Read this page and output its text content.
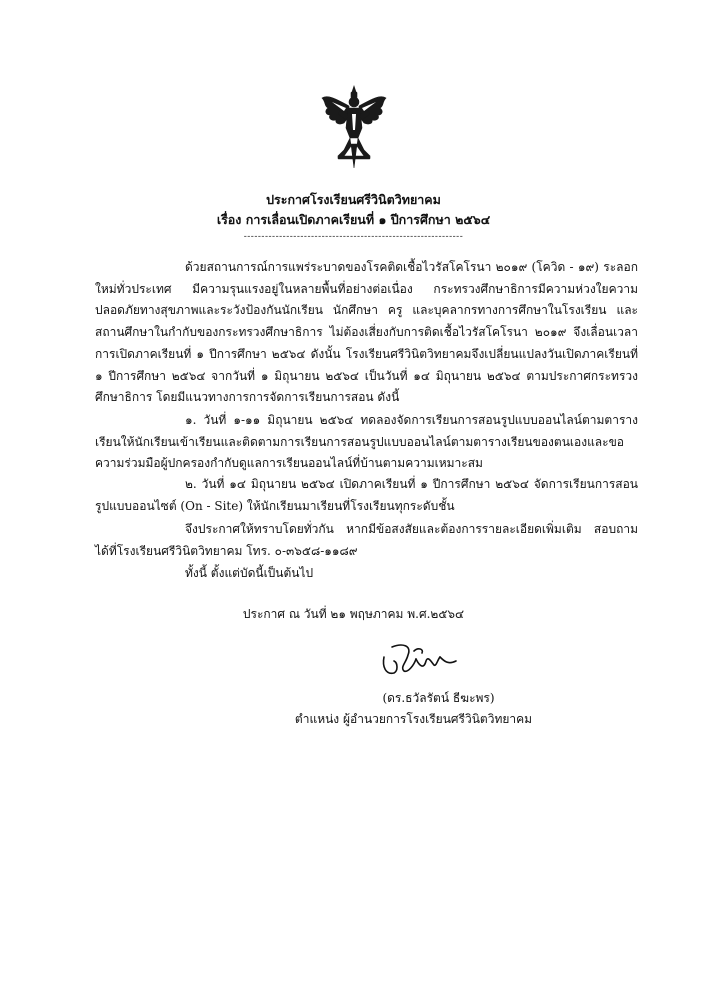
ประกาศโรงเรียนศรีวินิตวิทยาคม
เรื่อง การเลื่อนเปิดภาคเรียนที่ ๑ ปีการศึกษา ๒๕๖๔
--------------------------------------------------------------
ด้วยสถานการณ์การแพร่ระบาดของโรคติดเชื้อไวรัสโคโรนา ๒๐๑๙ (โควิด - ๑๙) ระลอกใหม่ทั่วประเทศ มีความรุนแรงอยู่ในหลายพื้นที่อย่างต่อเนื่อง กระทรวงศึกษาธิการมีความห่วงใยความปลอดภัยทางสุขภาพและระวังป้องกันนักเรียน นักศึกษา ครู และบุคลากรทางการศึกษาในโรงเรียน และสถานศึกษาในกำกับของกระทรวงศึกษาธิการ ไม่ต้องเสี่ยงกับการติดเชื้อไวรัสโคโรนา ๒๐๑๙ จึงเลื่อนเวลาการเปิดภาคเรียนที่ ๑ ปีการศึกษา ๒๕๖๔ ดังนั้น โรงเรียนศรีวินิตวิทยาคมจึงเปลี่ยนแปลงวันเปิดภาคเรียนที่ ๑ ปีการศึกษา ๒๕๖๔ จากวันที่ ๑ มิถุนายน ๒๕๖๔ เป็นวันที่ ๑๔ มิถุนายน ๒๕๖๔ ตามประกาศกระทรวงศึกษาธิการ โดยมีแนวทางการการจัดการเรียนการสอน ดังนี้
๑. วันที่ ๑-๑๑ มิถุนายน ๒๕๖๔ ทดลองจัดการเรียนการสอนรูปแบบออนไลน์ตามตารางเรียนให้นักเรียนเข้าเรียนและติดตามการเรียนการสอนรูปแบบออนไลน์ตามตารางเรียนของตนเองและขอความร่วมมือผู้ปกครองกำกับดูแลการเรียนออนไลน์ที่บ้านตามความเหมาะสม
๒. วันที่ ๑๔ มิถุนายน ๒๕๖๔ เปิดภาคเรียนที่ ๑ ปีการศึกษา ๒๕๖๔ จัดการเรียนการสอนรูปแบบออนไซต์ (On - Site) ให้นักเรียนมาเรียนที่โรงเรียนทุกระดับชั้น
จึงประกาศให้ทราบโดยทั่วกัน หากมีข้อสงสัยและต้องการรายละเอียดเพิ่มเติม สอบถามได้ที่โรงเรียนศรีวินิตวิทยาคม โทร. ๐-๓๖๕๘-๑๑๘๙
ทั้งนี้ ตั้งแต่บัดนี้เป็นต้นไป
ประกาศ ณ วันที่ ๒๑ พฤษภาคม พ.ศ.๒๕๖๔
(ดร.ธวัลรัตน์ ธีฆะพร)
ตำแหน่ง ผู้อำนวยการโรงเรียนศรีวินิตวิทยาคม
